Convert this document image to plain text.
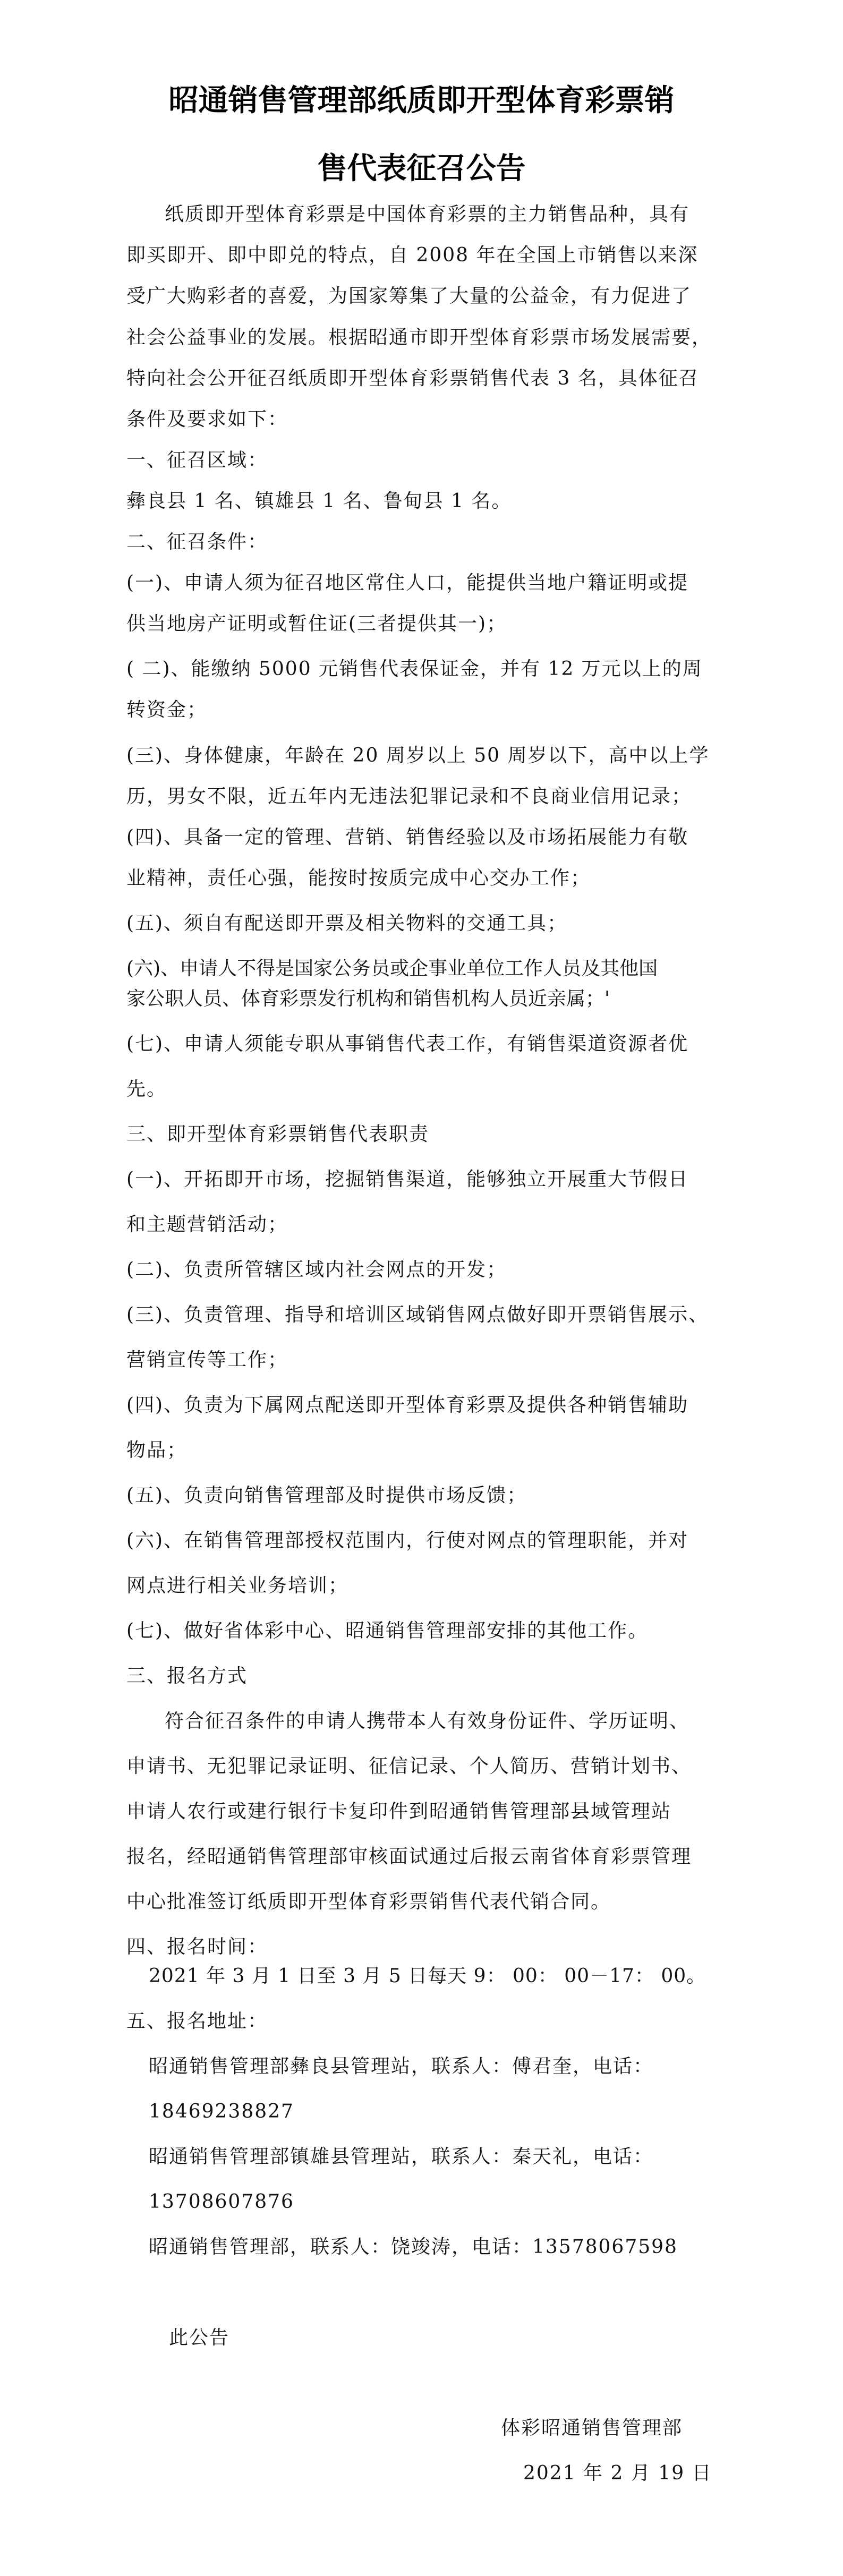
昭通销售管理部纸质即开型体育彩票销
售代表征召公告
纸质即开型体育彩票是中国体育彩票的主力销售品种，具有
即买即开、即中即兑的特点，自 2008 年在全国上市销售以来深
受广大购彩者的喜爱，为国家筹集了大量的公益金，有力促进了
社会公益事业的发展。根据昭通市即开型体育彩票市场发展需要，
特向社会公开征召纸质即开型体育彩票销售代表 3 名，具体征召
条件及要求如下：
一、征召区域：
彝良县 1 名、镇雄县 1 名、鲁甸县 1 名。
二、征召条件：
(一)、申请人须为征召地区常住人口，能提供当地户籍证明或提
供当地房产证明或暂住证(三者提供其一)；
( 二)、能缴纳 5000 元销售代表保证金，并有 12 万元以上的周
转资金；
(三)、身体健康，年龄在 20 周岁以上 50 周岁以下，高中以上学
历，男女不限，近五年内无违法犯罪记录和不良商业信用记录；
(四)、具备一定的管理、营销、销售经验以及市场拓展能力有敬
业精神，责任心强，能按时按质完成中心交办工作；
(五)、须自有配送即开票及相关物料的交通工具；
(六)、申请人不得是国家公务员或企事业单位工作人员及其他国
家公职人员、体育彩票发行机构和销售机构人员近亲属；'
(七)、申请人须能专职从事销售代表工作，有销售渠道资源者优
先。
三、即开型体育彩票销售代表职责
(一)、开拓即开市场，挖掘销售渠道，能够独立开展重大节假日
和主题营销活动；
(二)、负责所管辖区域内社会网点的开发；
(三)、负责管理、指导和培训区域销售网点做好即开票销售展示、
营销宣传等工作；
(四)、负责为下属网点配送即开型体育彩票及提供各种销售辅助
物品；
(五)、负责向销售管理部及时提供市场反馈；
(六)、在销售管理部授权范围内，行使对网点的管理职能，并对
网点进行相关业务培训；
(七)、做好省体彩中心、昭通销售管理部安排的其他工作。
三、报名方式
符合征召条件的申请人携带本人有效身份证件、学历证明、
申请书、无犯罪记录证明、征信记录、个人简历、营销计划书、
申请人农行或建行银行卡复印件到昭通销售管理部县域管理站
报名，经昭通销售管理部审核面试通过后报云南省体育彩票管理
中心批准签订纸质即开型体育彩票销售代表代销合同。
四、报名时间：
2021 年 3 月 1 日至 3 月 5 日每天 9： 00： 00－17： 00。
五、报名地址：
昭通销售管理部彝良县管理站，联系人：傅君奎，电话：
18469238827
昭通销售管理部镇雄县管理站，联系人：秦天礼，电话：
13708607876
昭通销售管理部，联系人：饶竣涛，电话：13578067598
此公告
体彩昭通销售管理部
2021 年 2 月 19 日
